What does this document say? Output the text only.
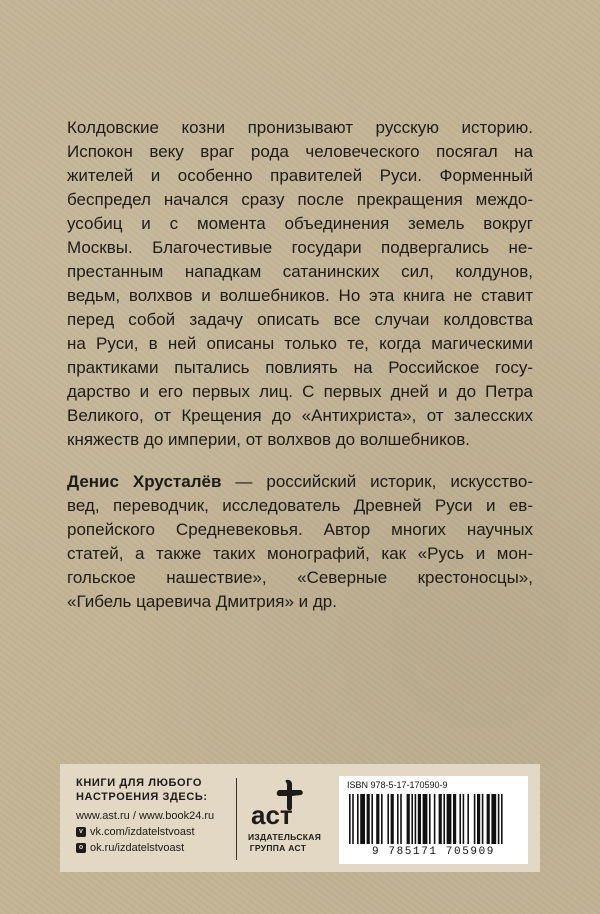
Колдовские козни пронизывают русскую историю.
Испокон веку враг рода человеческого посягал на
жителей и особенно правителей Руси. Форменный
беспредел начался сразу после прекращения междо-
усобиц и с момента объединения земель вокруг
Москвы. Благочестивые государи подвергались не-
престанным нападкам сатанинских сил, колдунов,
ведьм, волхвов и волшебников. Но эта книга не ставит
перед собой задачу описать все случаи колдовства
на Руси, в ней описаны только те, когда магическими
практиками пытались повлиять на Российское госу-
дарство и его первых лиц. С первых дней и до Петра
Великого, от Крещения до «Антихриста», от залесских
княжеств до империи, от волхвов до волшебников.
Денис Хрусталёв — российский историк, искусство-
вед, переводчик, исследователь Древней Руси и ев-
ропейского Средневековья. Автор многих научных
статей, а также таких монографий, как «Русь и мон-
гольское нашествие», «Северные крестоносцы»,
«Гибель царевича Дмитрия» и др.
КНИГИ ДЛЯ ЛЮБОГО
НАСТРОЕНИЯ ЗДЕСЬ:
www.ast.ru / www.book24.ru
v vk.com/izdatelstvoast
o ok.ru/izdatelstvoast
аст
ИЗДАТЕЛЬСКАЯ
ГРУППА АСТ
ISBN 978-5-17-170590-9
9 785171 705909
